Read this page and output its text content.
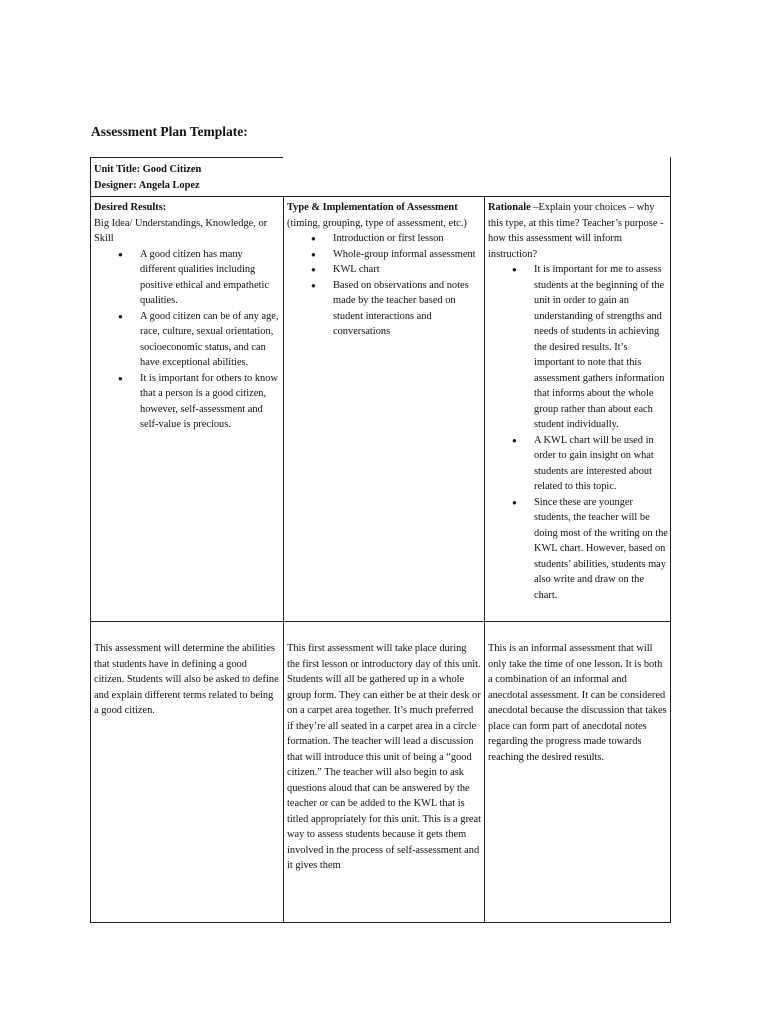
Assessment Plan Template:
Unit Title: Good Citizen
Designer: Angela Lopez
Desired Results:
Big Idea/ Understandings, Knowledge, or Skill
● A good citizen has many different qualities including positive ethical and empathetic qualities.
● A good citizen can be of any age, race, culture, sexual orientation, socioeconomic status, and can have exceptional abilities.
● It is important for others to know that a person is a good citizen, however, self-assessment and self-value is precious.
Type & Implementation of Assessment
(timing, grouping, type of assessment, etc.)
● Introduction or first lesson
● Whole-group informal assessment
● KWL chart
● Based on observations and notes made by the teacher based on student interactions and conversations
Rationale –Explain your choices – why this type, at this time? Teacher’s purpose - how this assessment will inform instruction?
● It is important for me to assess students at the beginning of the unit in order to gain an understanding of strengths and needs of students in achieving the desired results. It’s important to note that this assessment gathers information that informs about the whole group rather than about each student individually.
● A KWL chart will be used in order to gain insight on what students are interested about related to this topic.
● Since these are younger students, the teacher will be doing most of the writing on the KWL chart. However, based on students’ abilities, students may also write and draw on the chart.
This assessment will determine the abilities that students have in defining a good citizen. Students will also be asked to define and explain different terms related to being a good citizen.
This first assessment will take place during the first lesson or introductory day of this unit. Students will all be gathered up in a whole group form. They can either be at their desk or on a carpet area together. It’s much preferred if they’re all seated in a carpet area in a circle formation. The teacher will lead a discussion that will introduce this unit of being a “good citizen.” The teacher will also begin to ask questions aloud that can be answered by the teacher or can be added to the KWL that is titled appropriately for this unit. This is a great way to assess students because it gets them involved in the process of self-assessment and it gives them
This is an informal assessment that will only take the time of one lesson. It is both a combination of an informal and anecdotal assessment. It can be considered anecdotal because the discussion that takes place can form part of anecdotal notes regarding the progress made towards reaching the desired results.
